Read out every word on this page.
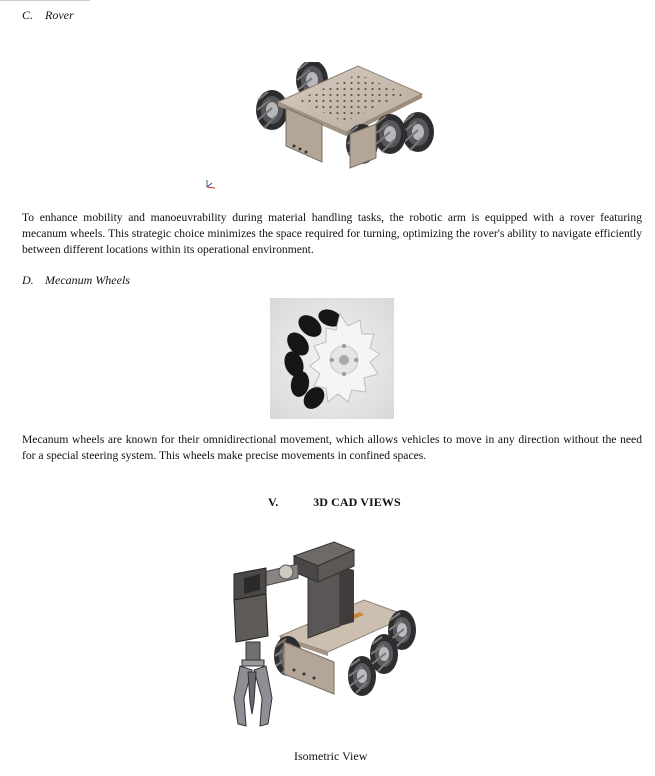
C. Rover
To enhance mobility and manoeuvrability during material handling tasks, the robotic arm is equipped with a rover featuring mecanum wheels. This strategic choice minimizes the space required for turning, optimizing the rover's ability to navigate efficiently between different locations within its operational environment.
D. Mecanum Wheels
Mecanum wheels are known for their omnidirectional movement, which allows vehicles to move in any direction without the need for a special steering system. This wheels make precise movements in confined spaces.
V.	3D CAD VIEWS
Isometric View
